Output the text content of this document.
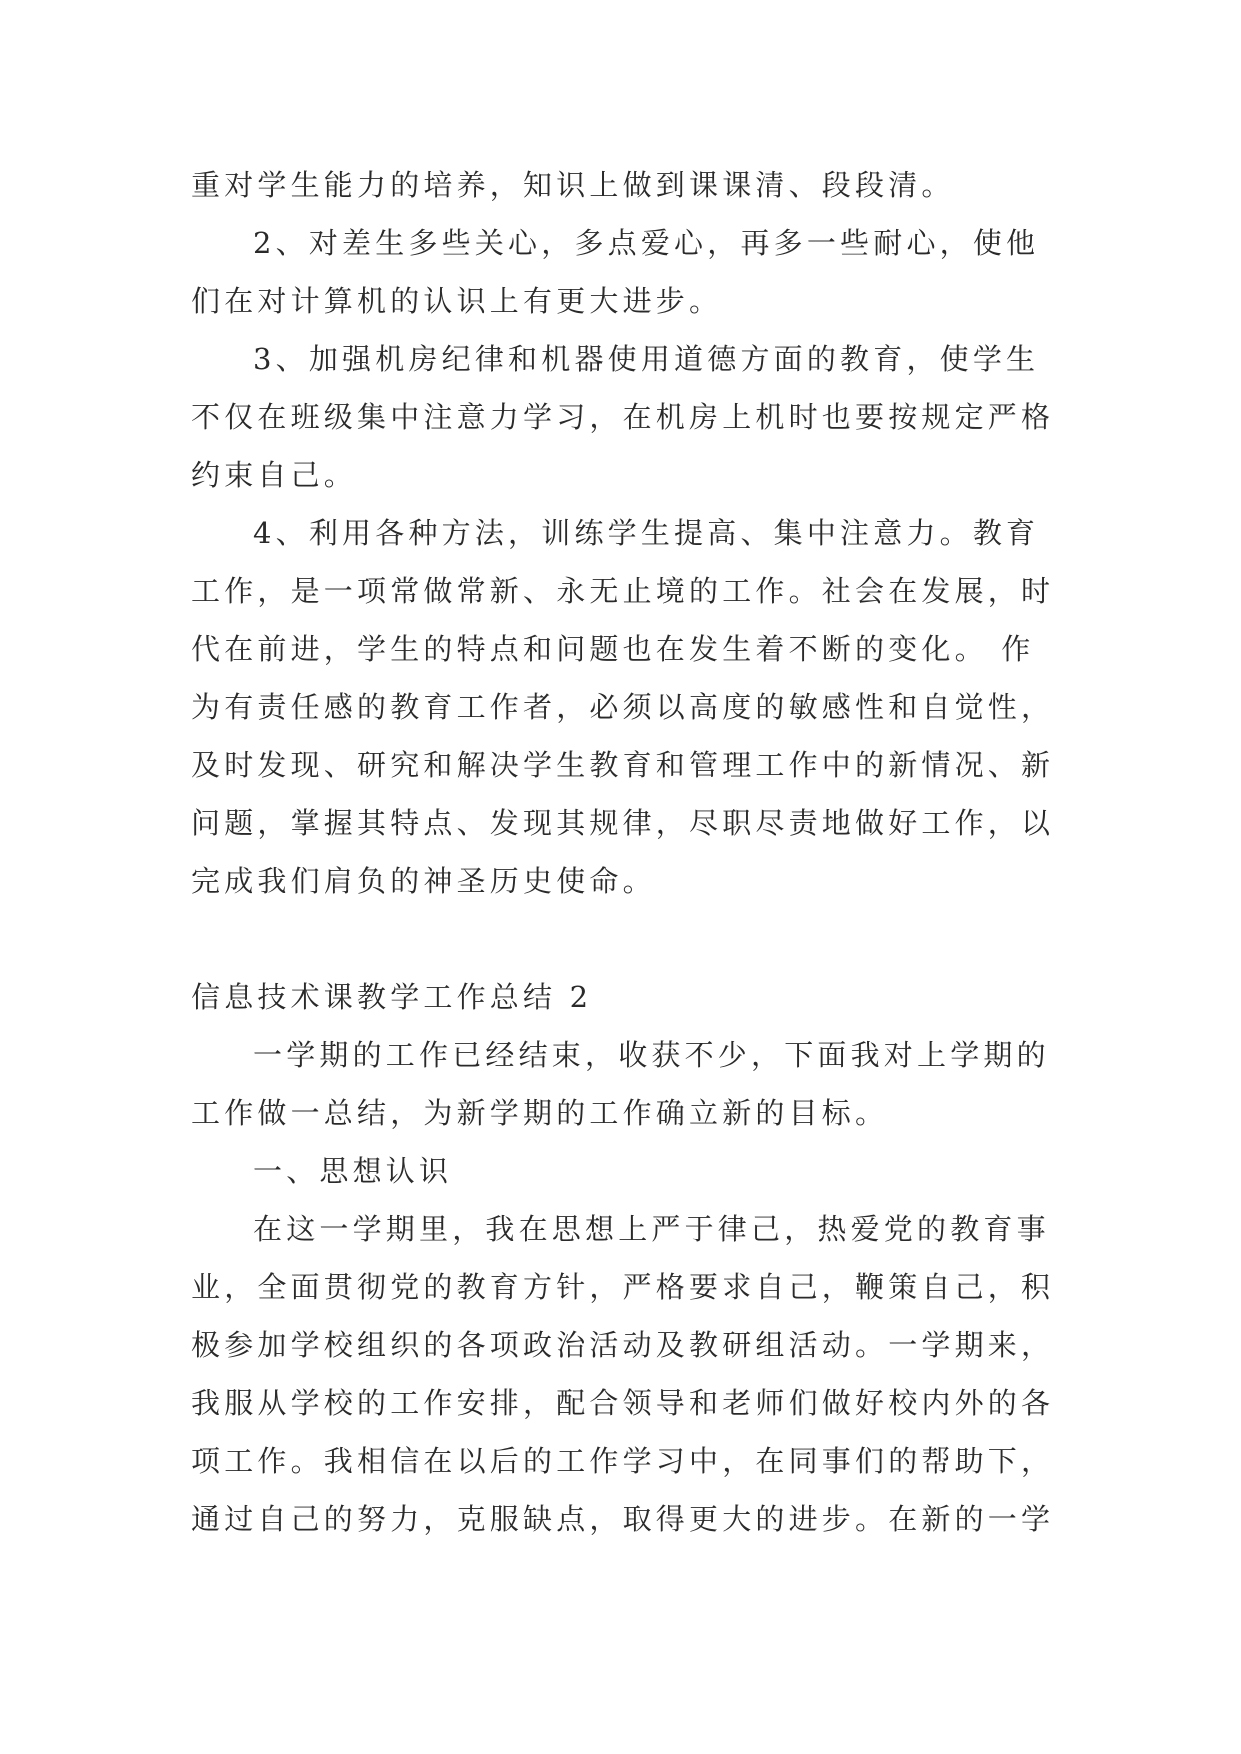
重对学生能力的培养，知识上做到课课清、段段清。
2、对差生多些关心，多点爱心，再多一些耐心，使他
们在对计算机的认识上有更大进步。
3、加强机房纪律和机器使用道德方面的教育，使学生
不仅在班级集中注意力学习，在机房上机时也要按规定严格
约束自己。
4、利用各种方法，训练学生提高、集中注意力。教育
工作，是一项常做常新、永无止境的工作。社会在发展，时
代在前进，学生的特点和问题也在发生着不断的变化。 作
为有责任感的教育工作者，必须以高度的敏感性和自觉性，
及时发现、研究和解决学生教育和管理工作中的新情况、新
问题，掌握其特点、发现其规律，尽职尽责地做好工作，以
完成我们肩负的神圣历史使命。
信息技术课教学工作总结 2
一学期的工作已经结束，收获不少，下面我对上学期的
工作做一总结，为新学期的工作确立新的目标。
一、思想认识
在这一学期里，我在思想上严于律己，热爱党的教育事
业，全面贯彻党的教育方针，严格要求自己，鞭策自己，积
极参加学校组织的各项政治活动及教研组活动。一学期来，
我服从学校的工作安排，配合领导和老师们做好校内外的各
项工作。我相信在以后的工作学习中，在同事们的帮助下，
通过自己的努力，克服缺点，取得更大的进步。在新的一学
